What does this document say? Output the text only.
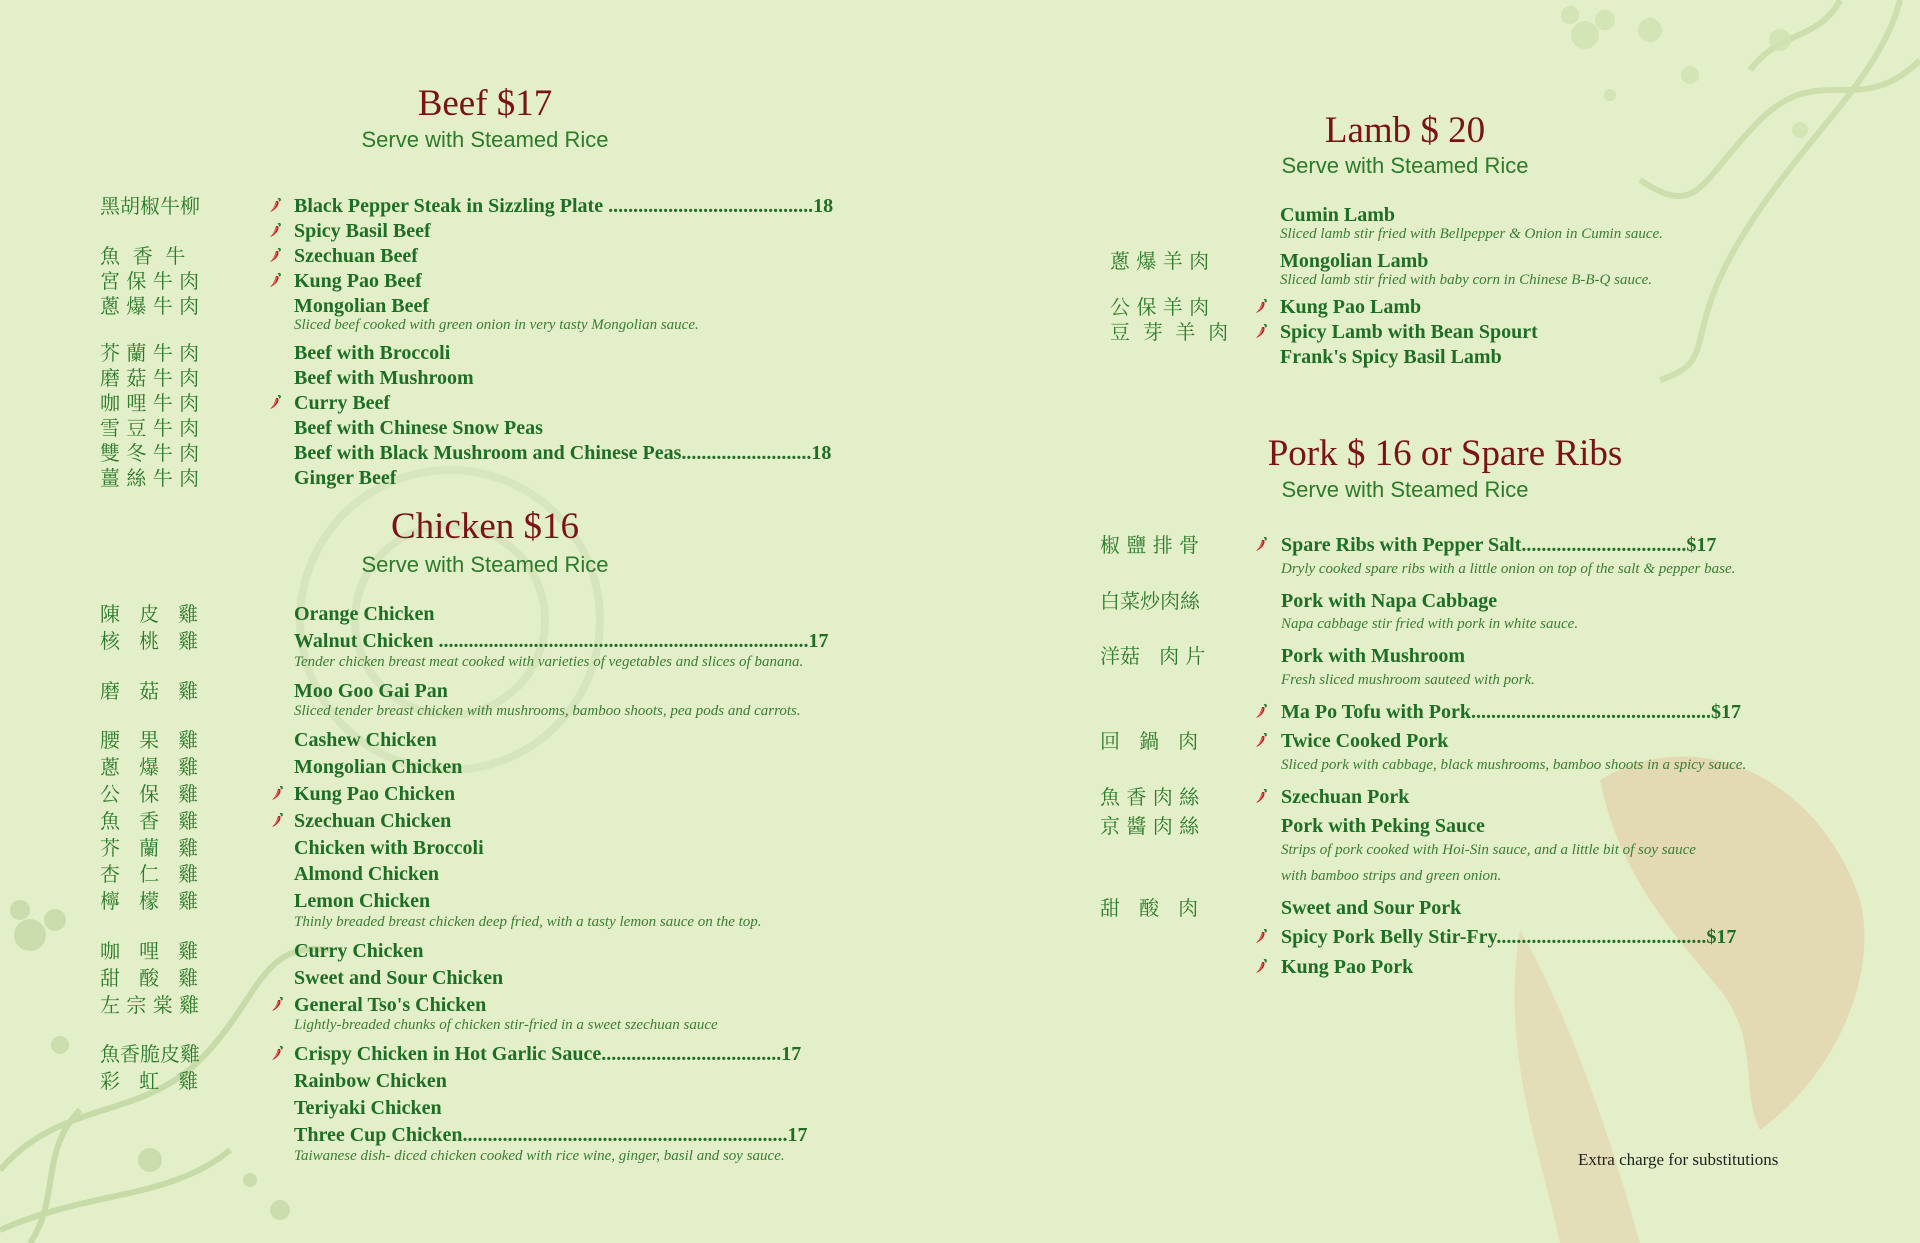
Beef $17
Serve with Steamed Rice
黑胡椒牛柳	Black Pepper Steak in Sizzling Plate .........................................18
Spicy Basil Beef
魚  香  牛	Szechuan Beef
宮 保 牛 肉	Kung Pao Beef
蔥 爆 牛 肉	Mongolian Beef
Sliced beef cooked with green onion in very tasty Mongolian sauce.
芥 蘭 牛 肉	Beef with Broccoli
磨 菇 牛 肉	Beef with Mushroom
咖 哩 牛 肉	Curry Beef
雪 豆 牛 肉	Beef with Chinese Snow Peas
雙 冬 牛 肉	Beef with Black Mushroom and Chinese Peas..........................18
薑 絲 牛 肉	Ginger Beef
Chicken $16
Serve with Steamed Rice
陳   皮   雞	Orange Chicken
核   桃   雞	Walnut Chicken ..........................................................................17
Tender chicken breast meat cooked with varieties of vegetables and slices of banana.
磨   菇   雞	Moo Goo Gai Pan
Sliced tender breast chicken with mushrooms, bamboo shoots, pea pods and carrots.
腰   果   雞	Cashew Chicken
蔥   爆   雞	Mongolian Chicken
公   保   雞	Kung Pao Chicken
魚   香   雞	Szechuan Chicken
芥   蘭   雞	Chicken with Broccoli
杏   仁   雞	Almond Chicken
檸   檬   雞	Lemon Chicken
Thinly breaded breast chicken deep fried, with a tasty lemon sauce on the top.
咖   哩   雞	Curry Chicken
甜   酸   雞	Sweet and Sour Chicken
左 宗 棠 雞	General Tso's Chicken
Lightly-breaded chunks of chicken stir-fried in a sweet szechuan sauce
魚香脆皮雞	Crispy Chicken in Hot Garlic Sauce....................................17
彩   虹   雞	Rainbow Chicken
Teriyaki Chicken
Three Cup Chicken.................................................................17
Taiwanese dish- diced chicken cooked with rice wine, ginger, basil and soy sauce.
Lamb $ 20
Serve with Steamed Rice
Cumin Lamb
Sliced lamb stir fried with Bellpepper & Onion in Cumin sauce.
蔥 爆 羊 肉	Mongolian Lamb
Sliced lamb stir fried with baby corn in Chinese B-B-Q sauce.
公 保 羊 肉	Kung Pao Lamb
豆  芽  羊  肉	Spicy Lamb with Bean Spourt
Frank's Spicy Basil Lamb
Pork $ 16 or Spare Ribs
Serve with Steamed Rice
椒 鹽 排 骨	Spare Ribs with Pepper Salt.................................$17
Dryly cooked spare ribs with a little onion on top of the salt & pepper base.
白菜炒肉絲	Pork with Napa Cabbage
Napa cabbage stir fried with pork in white sauce.
洋菇   肉 片	Pork with Mushroom
Fresh sliced mushroom sauteed with pork.
Ma Po Tofu with Pork................................................$17
回   鍋   肉	Twice Cooked Pork
Sliced pork with cabbage, black mushrooms, bamboo shoots in a spicy sauce.
魚 香 肉 絲	Szechuan Pork
京 醬 肉 絲	Pork with Peking Sauce
Strips of pork cooked with Hoi-Sin sauce, and a little bit of soy sauce
with bamboo strips and green onion.
甜   酸   肉	Sweet and Sour Pork
Spicy Pork Belly Stir-Fry..........................................$17
Kung Pao Pork
Extra charge for substitutions
